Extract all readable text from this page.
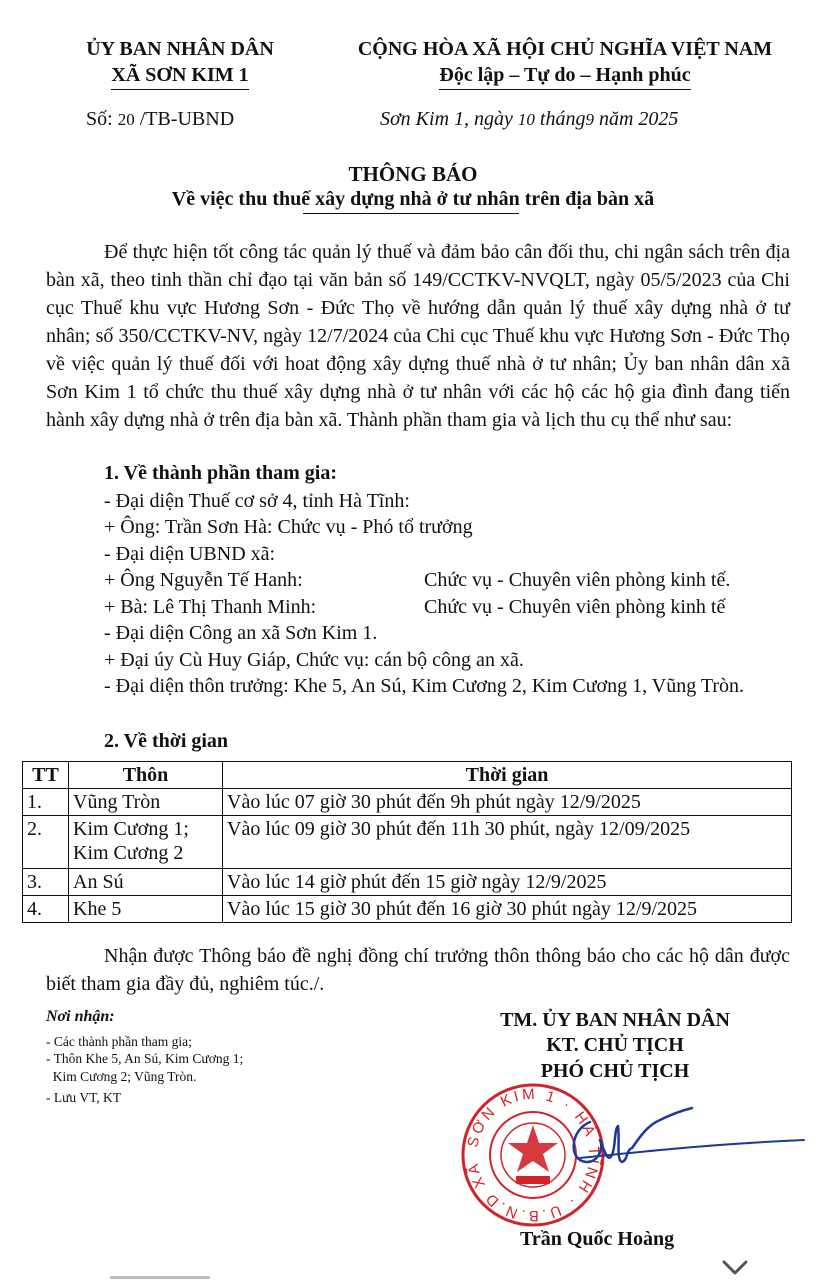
ỦY BAN NHÂN DÂN
XÃ SƠN KIM 1
CỘNG HÒA XÃ HỘI CHỦ NGHĨA VIỆT NAM
Độc lập – Tự do – Hạnh phúc
Số: 20 /TB-UBND	Sơn Kim 1, ngày 10 tháng9 năm 2025
THÔNG BÁO
Về việc thu thuế xây dựng nhà ở tư nhân trên địa bàn xã
Để thực hiện tốt công tác quản lý thuế và đảm bảo cân đối thu, chi ngân sách trên địa bàn xã, theo tinh thần chỉ đạo tại văn bản số 149/CCTKV-NVQLT, ngày 05/5/2023 của Chi cục Thuế khu vực Hương Sơn - Đức Thọ về hướng dẫn quản lý thuế xây dựng nhà ở tư nhân; số 350/CCTKV-NV, ngày 12/7/2024 của Chi cục Thuế khu vực Hương Sơn - Đức Thọ về việc quản lý thuế đối với hoat động xây dựng thuế nhà ở tư nhân; Ủy ban nhân dân xã Sơn Kim 1 tổ chức thu thuế xây dựng nhà ở tư nhân với các hộ các hộ gia đình đang tiến hành xây dựng nhà ở trên địa bàn xã. Thành phần tham gia và lịch thu cụ thể như sau:
1. Về thành phần tham gia:
- Đại diện Thuế cơ sở 4, tỉnh Hà Tĩnh:
+ Ông: Trần Sơn Hà: Chức vụ - Phó tổ trưởng
- Đại diện UBND xã:
+ Ông Nguyễn Tế Hanh:	Chức vụ - Chuyên viên phòng kinh tế.
+ Bà: Lê Thị Thanh Minh:	Chức vụ - Chuyên viên phòng kinh tế
- Đại diện Công an xã Sơn Kim 1.
+ Đại úy Cù Huy Giáp, Chức vụ: cán bộ công an xã.
- Đại diện thôn trưởng: Khe 5, An Sú, Kim Cương 2, Kim Cương 1, Vũng Tròn.
2. Về thời gian
TT	Thôn	Thời gian
1.	Vũng Tròn	Vào lúc 07 giờ 30 phút đến 9h phút ngày 12/9/2025
2.	Kim Cương 1; Kim Cương 2	Vào lúc 09 giờ 30 phút đến 11h 30 phút, ngày 12/09/2025
3.	An Sú	Vào lúc 14 giờ phút đến 15 giờ ngày 12/9/2025
4.	Khe 5	Vào lúc 15 giờ 30 phút đến 16 giờ 30 phút ngày 12/9/2025
Nhận được Thông báo đề nghị đồng chí trưởng thôn thông báo cho các hộ dân được biết tham gia đầy đủ, nghiêm túc./.
Nơi nhận:
- Các thành phần tham gia;
- Thôn Khe 5, An Sú, Kim Cương 1;
Kim Cương 2; Vũng Tròn.
- Lưu VT, KT
TM. ỦY BAN NHÂN DÂN
KT. CHỦ TỊCH
PHÓ CHỦ TỊCH
SƠN KIM 1 · HÀ TĨNH · U.B.N.D XÃ
Trần Quốc Hoàng
